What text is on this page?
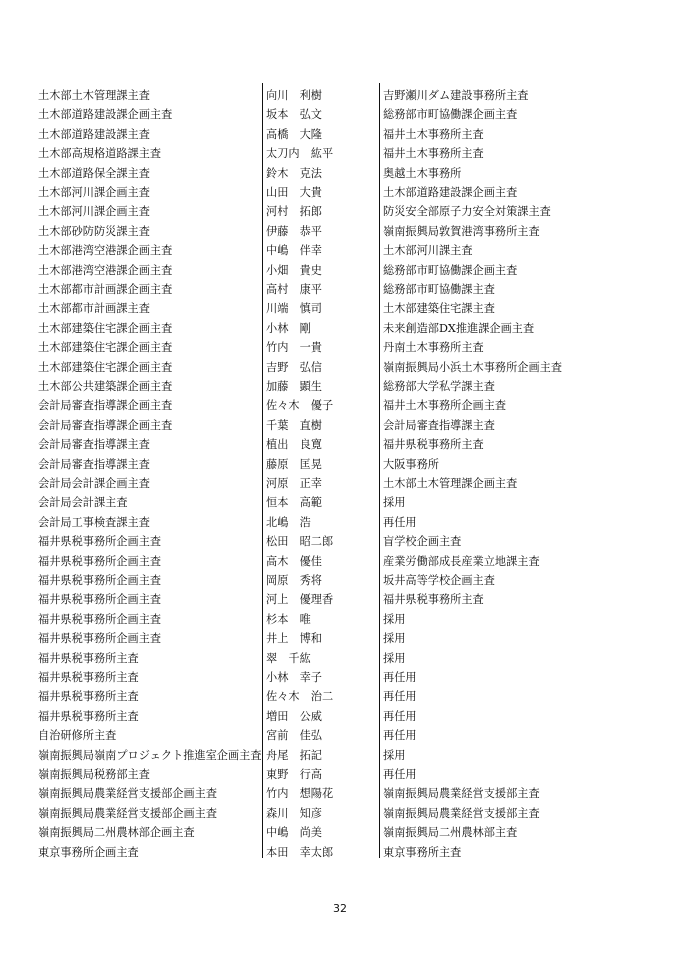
土木部土木管理課主査	向川　利樹	吉野瀬川ダム建設事務所主査
土木部道路建設課企画主査	坂本　弘文	総務部市町協働課企画主査
土木部道路建設課主査	高橋　大隆	福井土木事務所主査
土木部高規格道路課主査	太刀内　紘平	福井土木事務所主査
土木部道路保全課主査	鈴木　克法	奥越土木事務所
土木部河川課企画主査	山田　大貴	土木部道路建設課企画主査
土木部河川課企画主査	河村　拓郎	防災安全部原子力安全対策課主査
土木部砂防防災課主査	伊藤　恭平	嶺南振興局敦賀港湾事務所主査
土木部港湾空港課企画主査	中嶋　伴幸	土木部河川課主査
土木部港湾空港課企画主査	小畑　貴史	総務部市町協働課企画主査
土木部都市計画課企画主査	高村　康平	総務部市町協働課主査
土木部都市計画課主査	川端　慎司	土木部建築住宅課主査
土木部建築住宅課企画主査	小林　剛	未来創造部DX推進課企画主査
土木部建築住宅課企画主査	竹内　一貴	丹南土木事務所主査
土木部建築住宅課企画主査	吉野　弘信	嶺南振興局小浜土木事務所企画主査
土木部公共建築課企画主査	加藤　顕生	総務部大学私学課主査
会計局審査指導課企画主査	佐々木　優子	福井土木事務所企画主査
会計局審査指導課企画主査	千葉　直樹	会計局審査指導課主査
会計局審査指導課主査	植出　良寛	福井県税事務所主査
会計局審査指導課主査	藤原　匡晃	大阪事務所
会計局会計課企画主査	河原　正幸	土木部土木管理課企画主査
会計局会計課主査	恒本　高範	採用
会計局工事検査課主査	北嶋　浩	再任用
福井県税事務所企画主査	松田　昭二郎	盲学校企画主査
福井県税事務所企画主査	高木　優佳	産業労働部成長産業立地課主査
福井県税事務所企画主査	岡原　秀将	坂井高等学校企画主査
福井県税事務所企画主査	河上　優理香	福井県税事務所主査
福井県税事務所企画主査	杉本　唯	採用
福井県税事務所企画主査	井上　博和	採用
福井県税事務所主査	翠　千紘	採用
福井県税事務所主査	小林　幸子	再任用
福井県税事務所主査	佐々木　治二	再任用
福井県税事務所主査	増田　公威	再任用
自治研修所主査	宮前　佳弘	再任用
嶺南振興局嶺南プロジェクト推進室企画主査 舟尾　拓記	採用
嶺南振興局税務部主査	東野　行高	再任用
嶺南振興局農業経営支援部企画主査	竹内　想陽花	嶺南振興局農業経営支援部主査
嶺南振興局農業経営支援部企画主査	森川　知彦	嶺南振興局農業経営支援部主査
嶺南振興局二州農林部企画主査	中嶋　尚美	嶺南振興局二州農林部主査
東京事務所企画主査	本田　幸太郎	東京事務所主査
32
